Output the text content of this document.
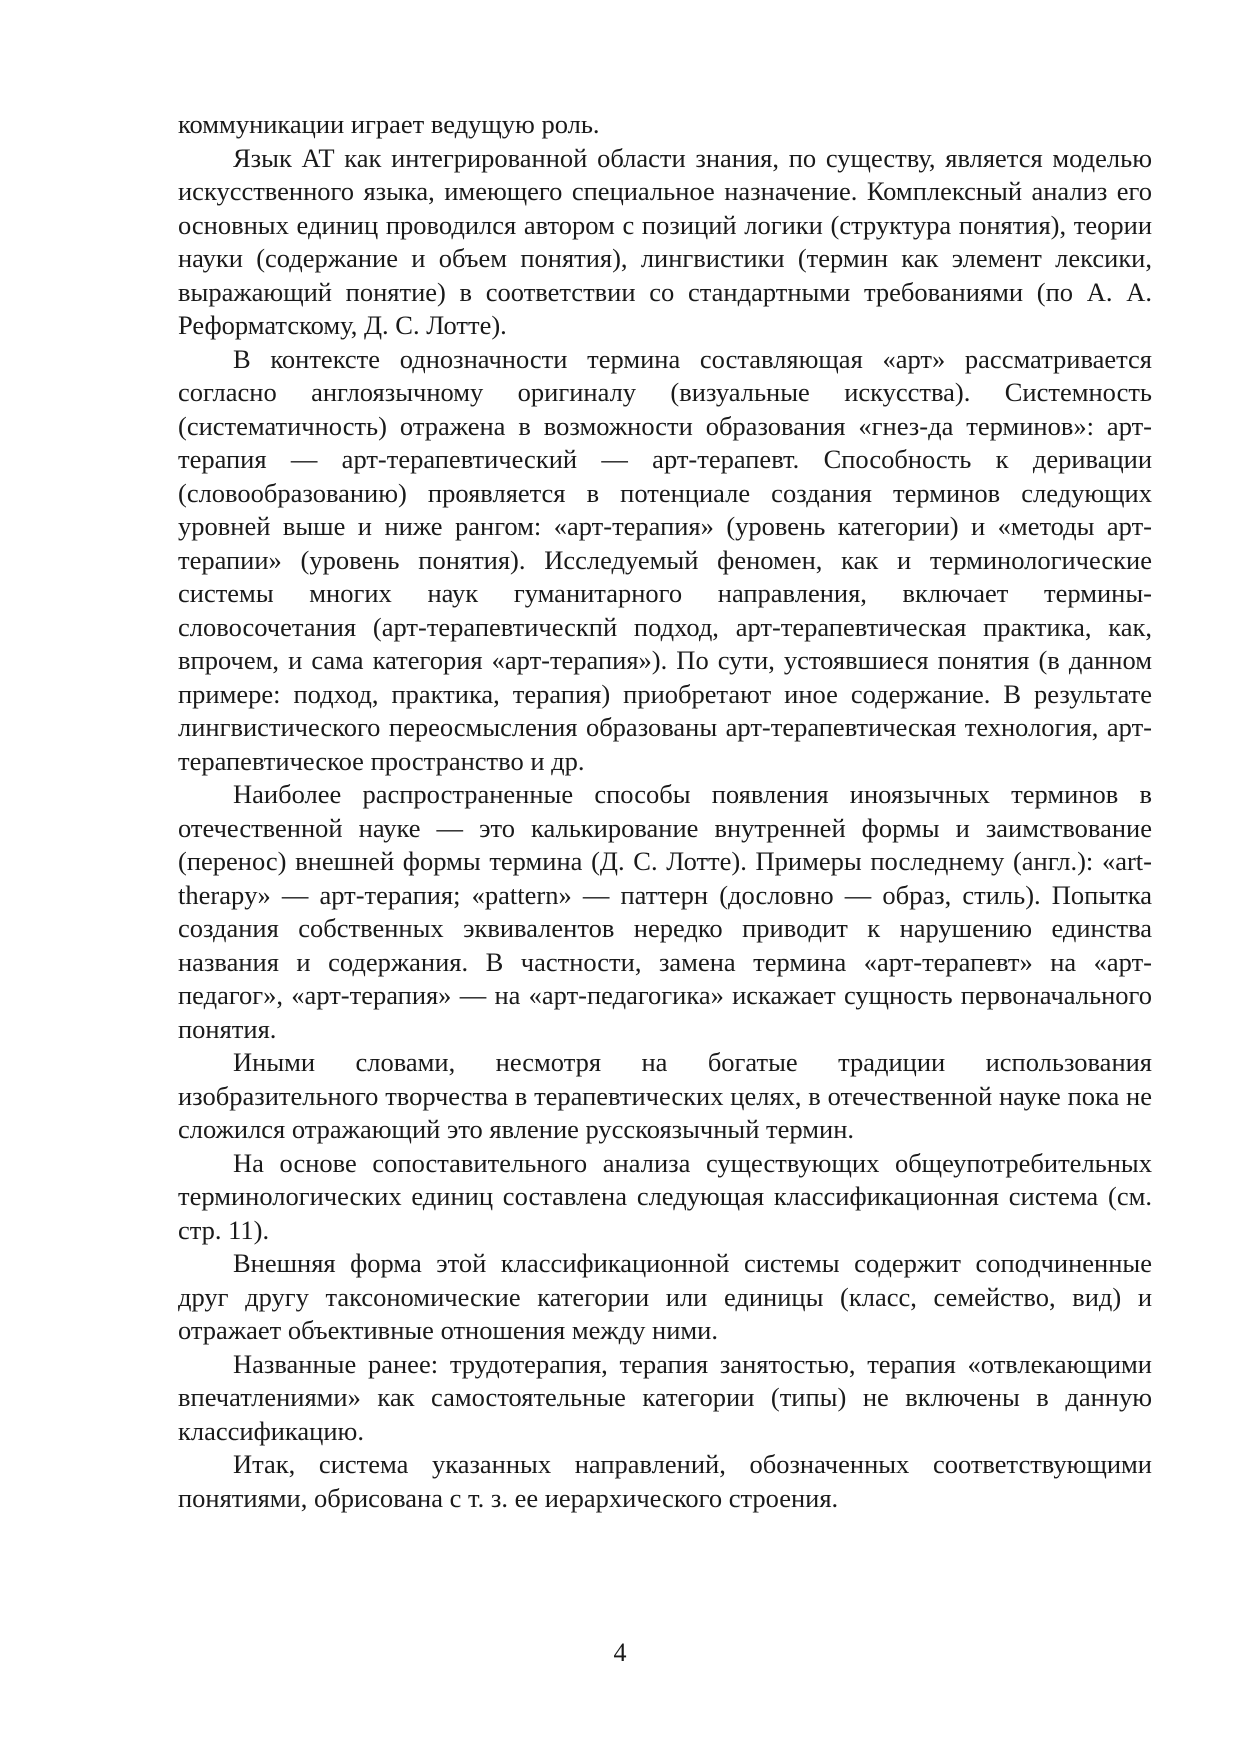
коммуникации играет ведущую роль.

Язык АТ как интегрированной области знания, по существу, является моделью искусственного языка, имеющего специальное назначение. Комплексный анализ его основных единиц проводился автором с позиций логики (структура понятия), теории науки (содержание и объем понятия), лингвистики (термин как элемент лексики, выражающий понятие) в соответствии со стандартными требованиями (по А. А. Реформатскому, Д. С. Лотте).

В контексте однозначности термина составляющая «арт» рассматривается согласно англоязычному оригиналу (визуальные искусства). Системность (систематичность) отражена в возможности образования «гнез-да терминов»: арт-терапия — арт-терапевтический — арт-терапевт. Способность к деривации (словообразованию) проявляется в потенциале создания терминов следующих уровней выше и ниже рангом: «арт-терапия» (уровень категории) и «методы арт-терапии» (уровень понятия). Исследуемый феномен, как и терминологические системы многих наук гуманитарного направления, включает термины-словосочетания (арт-терапевтическпй подход, арт-терапевтическая практика, как, впрочем, и сама категория «арт-терапия»). По сути, устоявшиеся понятия (в данном примере: подход, практика, терапия) приобретают иное содержание. В результате лингвистического переосмысления образованы арт-терапевтическая технология, арт-терапевтическое пространство и др.

Наиболее распространенные способы появления иноязычных терминов в отечественной науке — это калькирование внутренней формы и заимствование (перенос) внешней формы термина (Д. С. Лотте). Примеры последнему (англ.): «art-therapy» — арт-терапия; «pattern» — паттерн (дословно — образ, стиль). Попытка создания собственных эквивалентов нередко приводит к нарушению единства названия и содержания. В частности, замена термина «арт-терапевт» на «арт-педагог», «арт-терапия» — на «арт-педагогика» искажает сущность первоначального понятия.

Иными словами, несмотря на богатые традиции использования изобразительного творчества в терапевтических целях, в отечественной науке пока не сложился отражающий это явление русскоязычный термин.

На основе сопоставительного анализа существующих общеупотребительных терминологических единиц составлена следующая классификационная система (см. стр. 11).

Внешняя форма этой классификационной системы содержит соподчиненные друг другу таксономические категории или единицы (класс, семейство, вид) и отражает объективные отношения между ними.

Названные ранее: трудотерапия, терапия занятостью, терапия «отвлекающими впечатлениями» как самостоятельные категории (типы) не включены в данную классификацию.

Итак, система указанных направлений, обозначенных соответствующими понятиями, обрисована с т. з. ее иерархического строения.

4
